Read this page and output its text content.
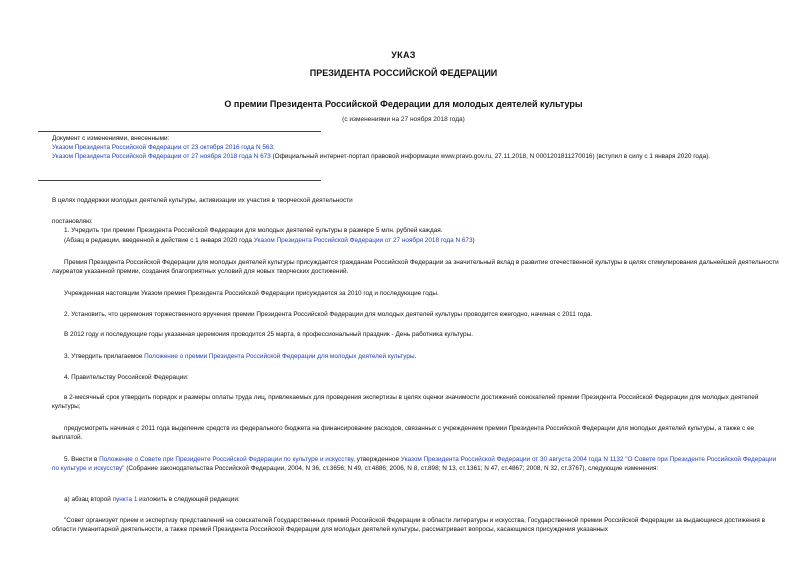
УКАЗ
ПРЕЗИДЕНТА РОССИЙСКОЙ ФЕДЕРАЦИИ
О премии Президента Российской Федерации для молодых деятелей культуры
(с изменениями на 27 ноября 2018 года)
Документ с изменениями, внесенными:
Указом Президента Российской Федерации от 23 октября 2016 года N 563;
Указом Президента Российской Федерации от 27 ноября 2018 года N 673 (Официальный интернет-портал правовой информации www.pravo.gov.ru, 27.11.2018, N 0001201811270016) (вступил в силу с 1 января 2020 года).
В целях поддержки молодых деятелей культуры, активизации их участия в творческой деятельности
постановляю:
1. Учредить три премии Президента Российской Федерации для молодых деятелей культуры в размере 5 млн. рублей каждая.
(Абзац в редакции, введенной в действие с 1 января 2020 года Указом Президента Российской Федерации от 27 ноября 2018 года N 673)
Премия Президента Российской Федерации для молодых деятелей культуры присуждается гражданам Российской Федерации за значительный вклад в развитие отечественной культуры в целях стимулирования дальнейшей деятельности лауреатов указанной премии, создания благоприятных условий для новых творческих достижений.
Учрежденная настоящим Указом премия Президента Российской Федерации присуждается за 2010 год и последующие годы.
2. Установить, что церемония торжественного вручения премии Президента Российской Федерации для молодых деятелей культуры проводится ежегодно, начиная с 2011 года.
В 2012 году и последующие годы указанная церемония проводится 25 марта, в профессиональный праздник - День работника культуры.
3. Утвердить прилагаемое Положение о премии Президента Российской Федерации для молодых деятелей культуры.
4. Правительству Российской Федерации:
в 2-месячный срок утвердить порядок и размеры оплаты труда лиц, привлекаемых для проведения экспертизы в целях оценки значимости достижений соискателей премии Президента Российской Федерации для молодых деятелей культуры;
предусмотреть начиная с 2011 года выделение средств из федерального бюджета на финансирование расходов, связанных с учреждением премии Президента Российской Федерации для молодых деятелей культуры, а также с ее выплатой.
5. Внести в Положение о Совете при Президенте Российской Федерации по культуре и искусству, утвержденное Указом Президента Российской Федерации от 30 августа 2004 года N 1132 "О Совете при Президенте Российской Федерации по культуре и искусству" (Собрание законодательства Российской Федерации, 2004, N 36, ст.3656; N 49, ст.4886; 2006, N 8, ст.898; N 13, ст.1361; N 47, ст.4867; 2008, N 32, ст.3767), следующие изменения:
а) абзац второй пункта 1 изложить в следующей редакции:
"Совет организует прием и экспертизу представлений на соискателей Государственных премий Российской Федерации в области литературы и искусства, Государственной премии Российской Федерации за выдающиеся достижения в области гуманитарной деятельности, а также премий Президента Российской Федерации для молодых деятелей культуры, рассматривает вопросы, касающиеся присуждения указанных
